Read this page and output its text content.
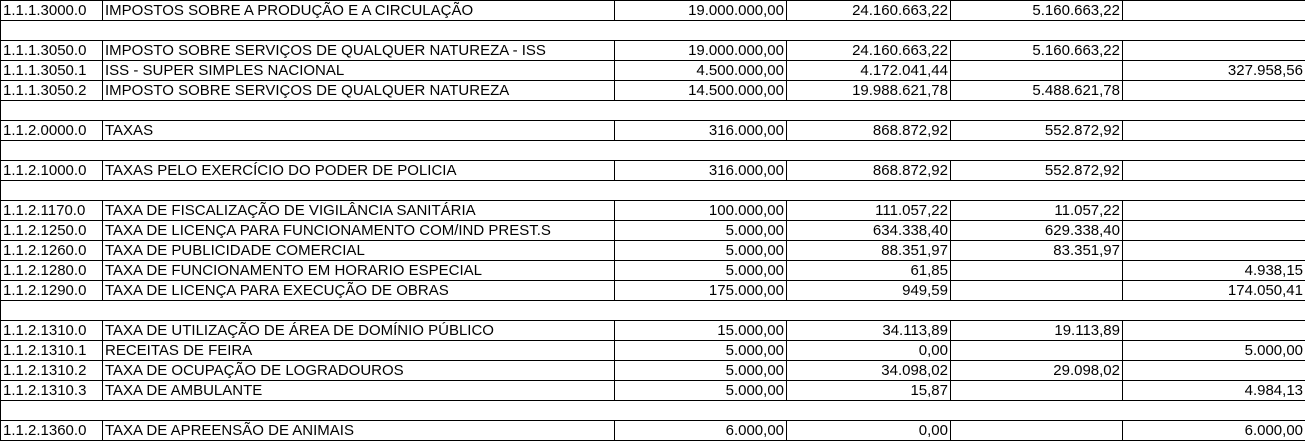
1.1.1.3000.0	IMPOSTOS SOBRE A PRODUÇÃO E A CIRCULAÇÃO	19.000.000,00	24.160.663,22	5.160.663,22	

1.1.1.3050.0	IMPOSTO SOBRE SERVIÇOS DE QUALQUER NATUREZA - ISS	19.000.000,00	24.160.663,22	5.160.663,22	
1.1.1.3050.1	ISS - SUPER SIMPLES NACIONAL	4.500.000,00	4.172.041,44		327.958,56
1.1.1.3050.2	IMPOSTO SOBRE SERVIÇOS DE QUALQUER NATUREZA	14.500.000,00	19.988.621,78	5.488.621,78	

1.1.2.0000.0	TAXAS	316.000,00	868.872,92	552.872,92	

1.1.2.1000.0	TAXAS PELO EXERCÍCIO DO PODER DE POLICIA	316.000,00	868.872,92	552.872,92	

1.1.2.1170.0	TAXA DE FISCALIZAÇÃO DE VIGILÂNCIA SANITÁRIA	100.000,00	111.057,22	11.057,22	
1.1.2.1250.0	TAXA DE LICENÇA PARA FUNCIONAMENTO COM/IND PREST.S	5.000,00	634.338,40	629.338,40	
1.1.2.1260.0	TAXA DE PUBLICIDADE COMERCIAL	5.000,00	88.351,97	83.351,97	
1.1.2.1280.0	TAXA DE FUNCIONAMENTO EM HORARIO ESPECIAL	5.000,00	61,85		4.938,15
1.1.2.1290.0	TAXA DE LICENÇA PARA EXECUÇÃO DE OBRAS	175.000,00	949,59		174.050,41

1.1.2.1310.0	TAXA DE UTILIZAÇÃO DE ÁREA DE DOMÍNIO PÚBLICO	15.000,00	34.113,89	19.113,89	
1.1.2.1310.1	RECEITAS DE FEIRA	5.000,00	0,00		5.000,00
1.1.2.1310.2	TAXA DE OCUPAÇÃO DE LOGRADOUROS	5.000,00	34.098,02	29.098,02	
1.1.2.1310.3	TAXA DE AMBULANTE	5.000,00	15,87		4.984,13

1.1.2.1360.0	TAXA DE APREENSÃO DE ANIMAIS	6.000,00	0,00		6.000,00
